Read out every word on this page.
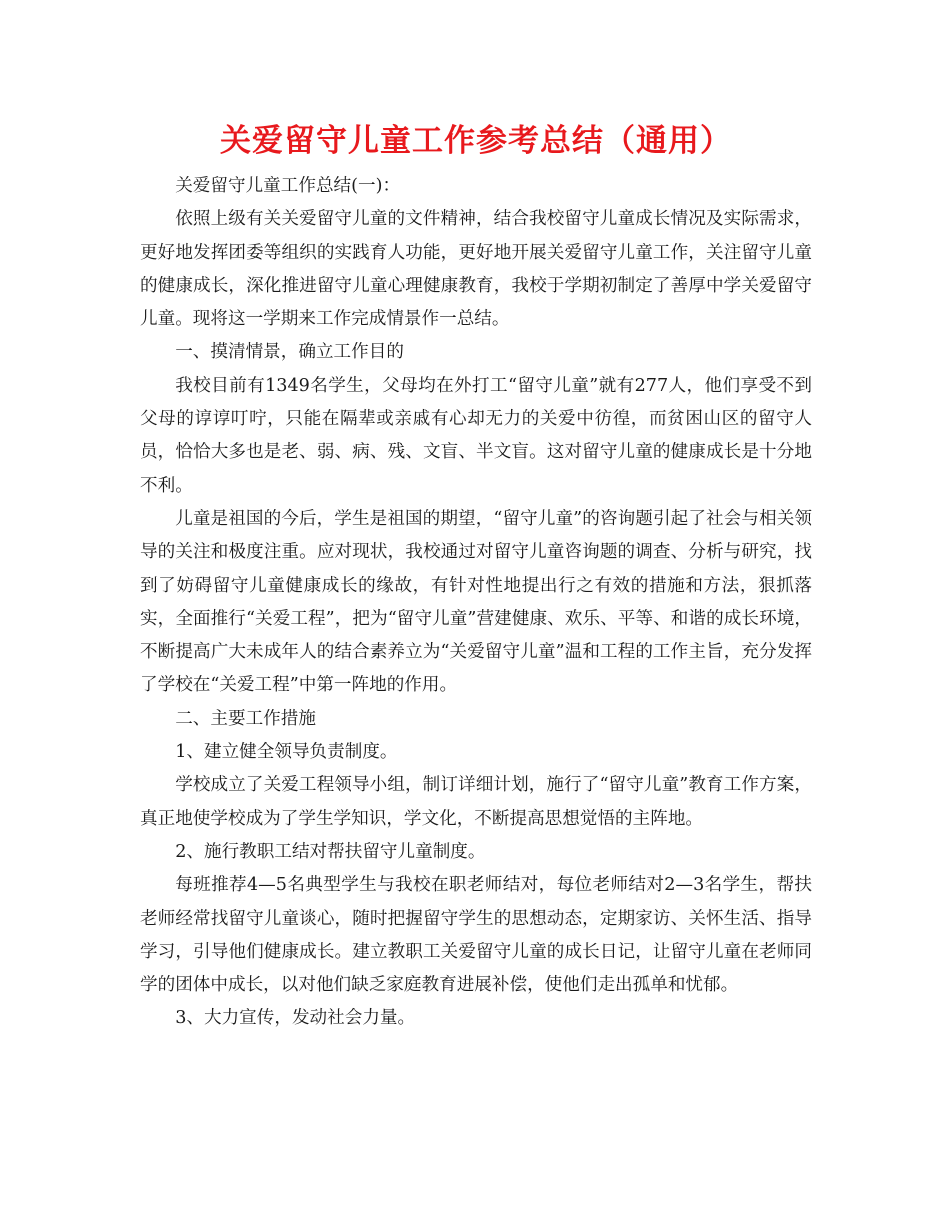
关爱留守儿童工作参考总结（通用）

关爱留守儿童工作总结(一)：

依照上级有关关爱留守儿童的文件精神，结合我校留守儿童成长情况及实际需求，更好地发挥团委等组织的实践育人功能，更好地开展关爱留守儿童工作，关注留守儿童的健康成长，深化推进留守儿童心理健康教育，我校于学期初制定了善厚中学关爱留守儿童。现将这一学期来工作完成情景作一总结。

一、摸清情景，确立工作目的

我校目前有1349名学生，父母均在外打工“留守儿童”就有277人，他们享受不到父母的谆谆叮咛，只能在隔辈或亲戚有心却无力的关爱中彷徨，而贫困山区的留守人员，恰恰大多也是老、弱、病、残、文盲、半文盲。这对留守儿童的健康成长是十分地不利。

儿童是祖国的今后，学生是祖国的期望，“留守儿童”的咨询题引起了社会与相关领导的关注和极度注重。应对现状，我校通过对留守儿童咨询题的调查、分析与研究，找到了妨碍留守儿童健康成长的缘故，有针对性地提出行之有效的措施和方法，狠抓落实，全面推行“关爱工程”，把为“留守儿童”营建健康、欢乐、平等、和谐的成长环境，不断提高广大未成年人的结合素养立为“关爱留守儿童”温和工程的工作主旨，充分发挥了学校在“关爱工程”中第一阵地的作用。

二、主要工作措施

1、建立健全领导负责制度。

学校成立了关爱工程领导小组，制订详细计划，施行了“留守儿童”教育工作方案，真正地使学校成为了学生学知识，学文化，不断提高思想觉悟的主阵地。

2、施行教职工结对帮扶留守儿童制度。

每班推荐4—5名典型学生与我校在职老师结对，每位老师结对2—3名学生，帮扶老师经常找留守儿童谈心，随时把握留守学生的思想动态，定期家访、关怀生活、指导学习，引导他们健康成长。建立教职工关爱留守儿童的成长日记，让留守儿童在老师同学的团体中成长，以对他们缺乏家庭教育进展补偿，使他们走出孤单和忧郁。

3、大力宣传，发动社会力量。
